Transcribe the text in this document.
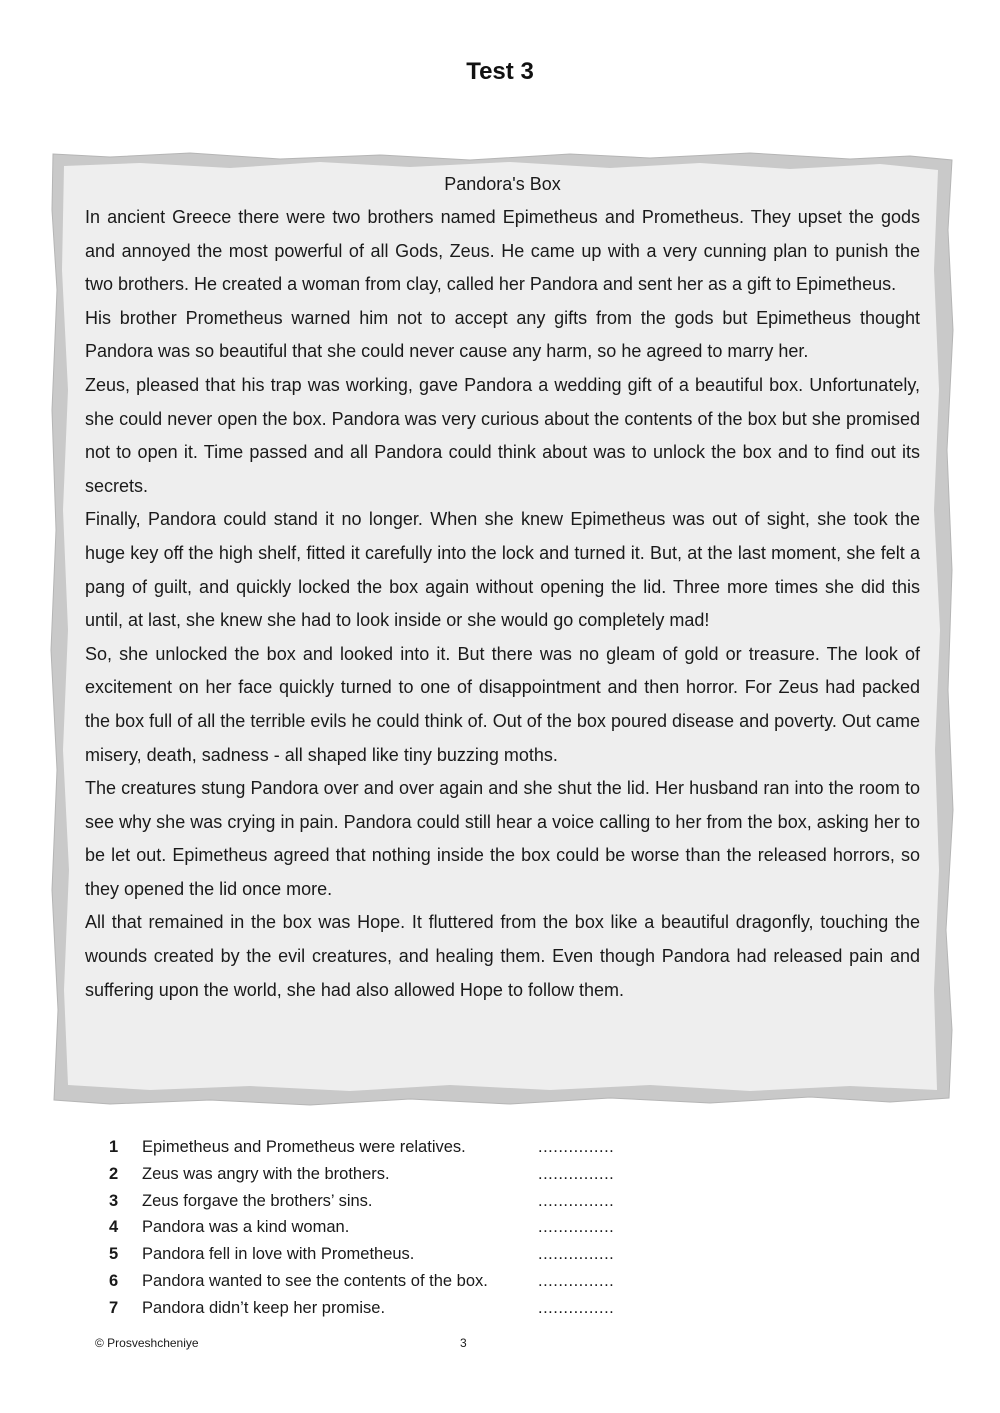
Test 3
Pandora's Box

In ancient Greece there were two brothers named Epimetheus and Prometheus. They upset the gods and annoyed the most powerful of all Gods, Zeus. He came up with a very cunning plan to punish the two brothers. He created a woman from clay, called her Pandora and sent her as a gift to Epimetheus.

His brother Prometheus warned him not to accept any gifts from the gods but Epimetheus thought Pandora was so beautiful that she could never cause any harm, so he agreed to marry her.

Zeus, pleased that his trap was working, gave Pandora a wedding gift of a beautiful box. Unfortunately, she could never open the box. Pandora was very curious about the contents of the box but she promised not to open it. Time passed and all Pandora could think about was to unlock the box and to find out its secrets.

Finally, Pandora could stand it no longer. When she knew Epimetheus was out of sight, she took the huge key off the high shelf, fitted it carefully into the lock and turned it. But, at the last moment, she felt a pang of guilt, and quickly locked the box again without opening the lid. Three more times she did this until, at last, she knew she had to look inside or she would go completely mad!

So, she unlocked the box and looked into it. But there was no gleam of gold or treasure. The look of excitement on her face quickly turned to one of disappointment and then horror. For Zeus had packed the box full of all the terrible evils he could think of. Out of the box poured disease and poverty. Out came misery, death, sadness - all shaped like tiny buzzing moths.

The creatures stung Pandora over and over again and she shut the lid. Her husband ran into the room to see why she was crying in pain. Pandora could still hear a voice calling to her from the box, asking her to be let out. Epimetheus agreed that nothing inside the box could be worse than the released horrors, so they opened the lid once more.

All that remained in the box was Hope. It fluttered from the box like a beautiful dragonfly, touching the wounds created by the evil creatures, and healing them. Even though Pandora had released pain and suffering upon the world, she had also allowed Hope to follow them.

1	Epimetheus and Prometheus were relatives.	...............
2	Zeus was angry with the brothers.	...............
3	Zeus forgave the brothers’ sins.	...............
4	Pandora was a kind woman.	...............
5	Pandora fell in love with Prometheus.	...............
6	Pandora wanted to see the contents of the box.	...............
7	Pandora didn’t keep her promise.	...............
© Prosveshcheniye	3
